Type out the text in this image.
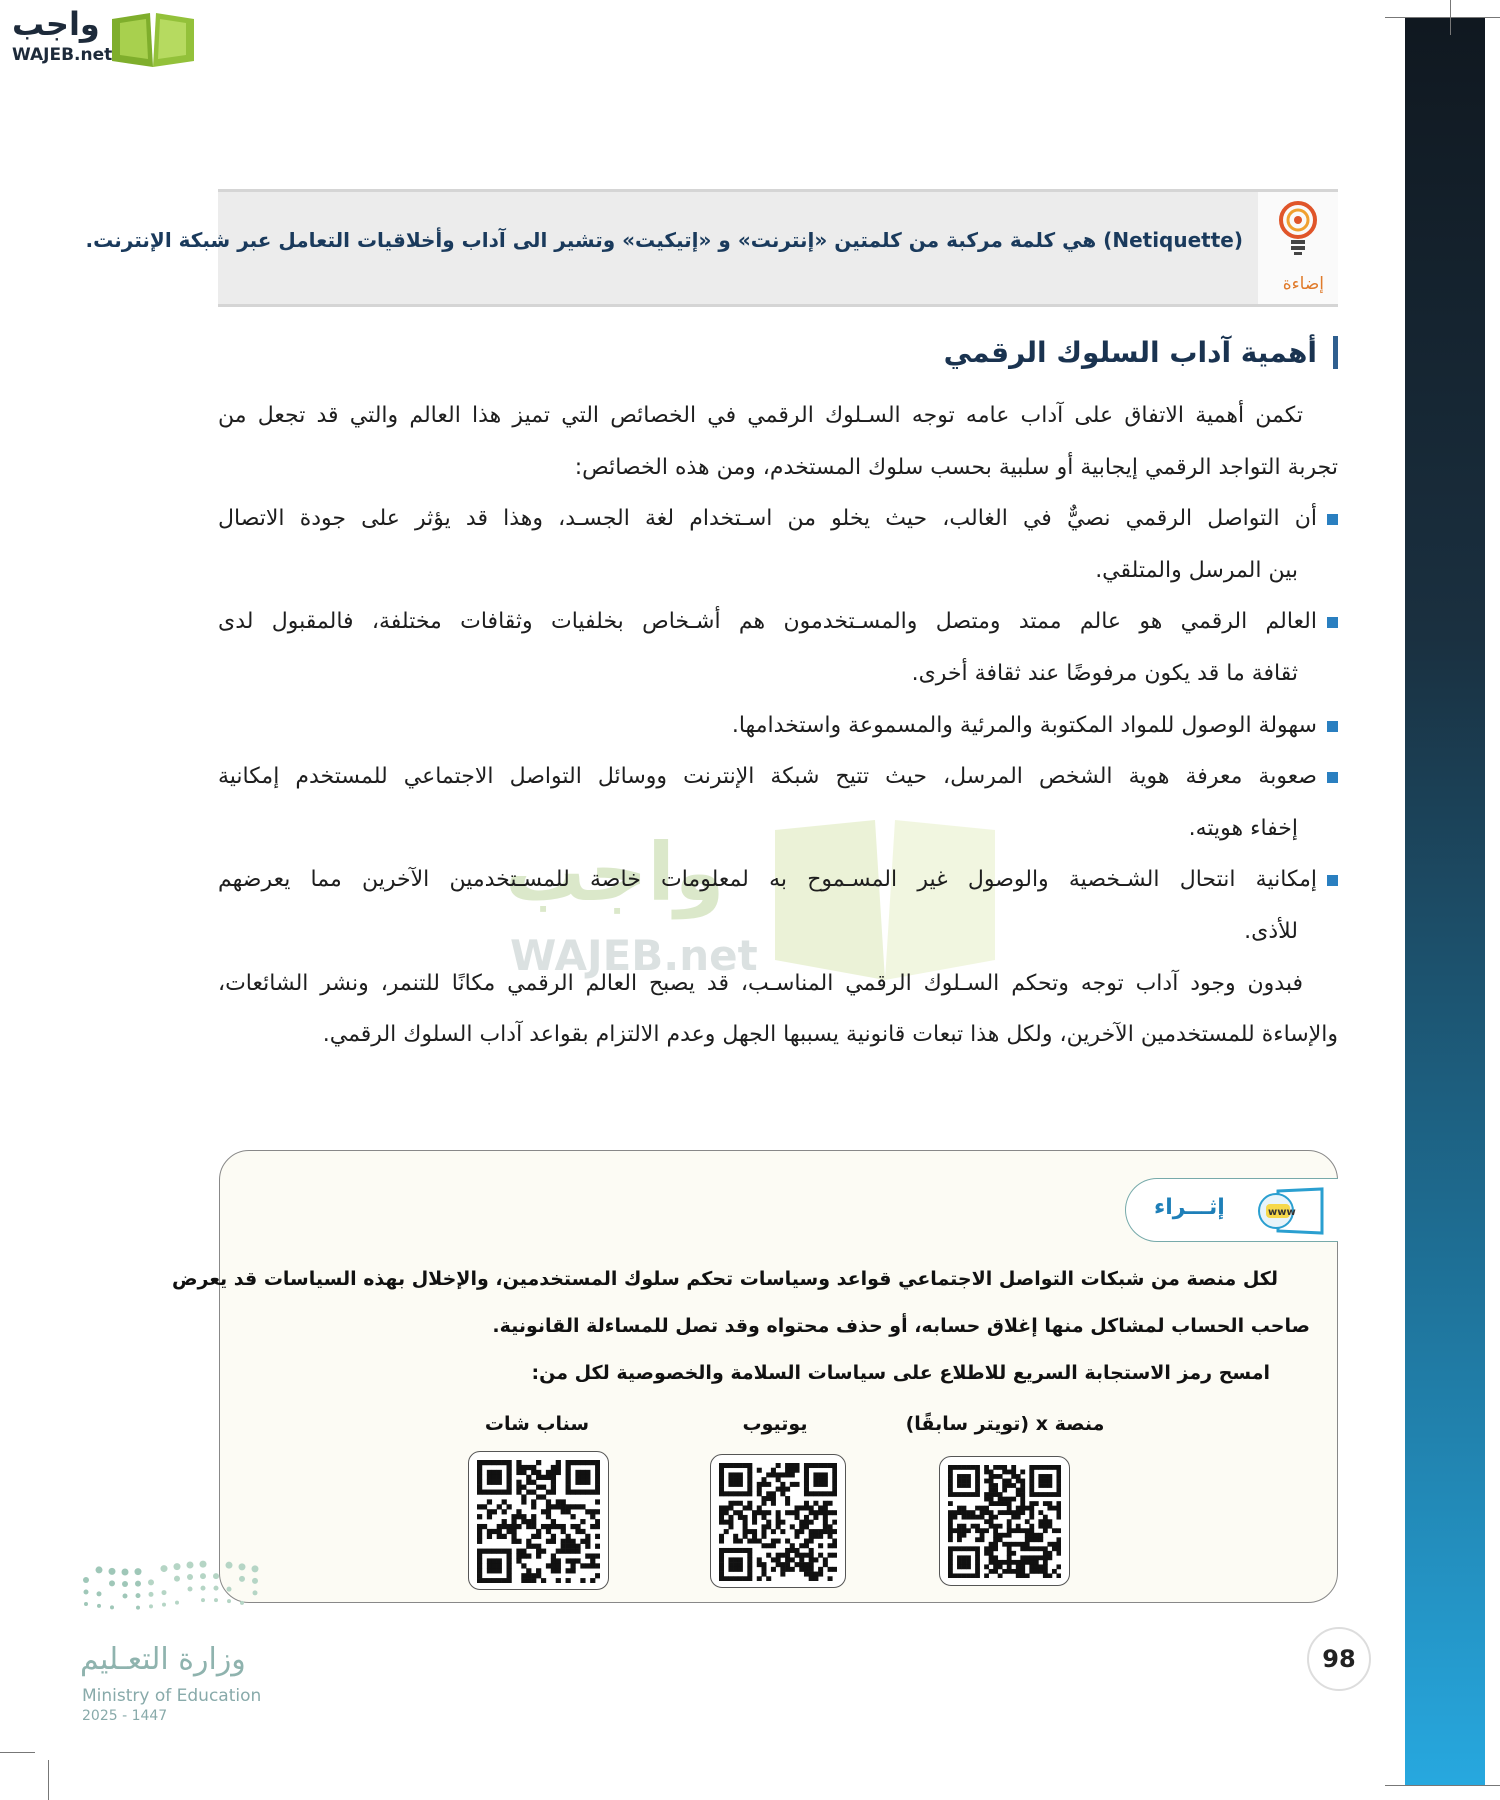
واجب
WAJEB.net
إضاءة
(Netiquette) هي كلمة مركبة من كلمتين «إنترنت» و «إتيكيت» وتشير الى آداب وأخلاقيات التعامل عبر شبكة الإنترنت.
أهمية آداب السلوك الرقمي
واجب
WAJEB.net
تكمن أهمية الاتفاق على آداب عامه توجه السـلوك الرقمي في الخصائص التي تميز هذا العالم والتي قد تجعل من
تجربة التواجد الرقمي إيجابية أو سلبية بحسب سلوك المستخدم، ومن هذه الخصائص:
أن التواصل الرقمي نصيٌّ في الغالب، حيث يخلو من اسـتخدام لغة الجسـد، وهذا قد يؤثر على جودة الاتصال
بين المرسل والمتلقي.
العالم الرقمي هو عالم ممتد ومتصل والمسـتخدمون هم أشـخاص بخلفيات وثقافات مختلفة، فالمقبول لدى
ثقافة ما قد يكون مرفوضًا عند ثقافة أخرى.
سهولة الوصول للمواد المكتوبة والمرئية والمسموعة واستخدامها.
صعوبة معرفة هوية الشخص المرسل، حيث تتيح شبكة الإنترنت ووسائل التواصل الاجتماعي للمستخدم إمكانية
إخفاء هويته.
إمكانية انتحال الشـخصية والوصول غير المسـموح به لمعلومات خاصة للمسـتخدمين الآخرين مما يعرضهم
للأذى.
فبدون وجود آداب توجه وتحكم السـلوك الرقمي المناسـب، قد يصبح العالم الرقمي مكانًا للتنمر، ونشر الشائعات،
والإساءة للمستخدمين الآخرين، ولكل هذا تبعات قانونية يسببها الجهل وعدم الالتزام بقواعد آداب السلوك الرقمي.
إثـــراء	www
لكل منصة من شبكات التواصل الاجتماعي قواعد وسياسات تحكم سلوك المستخدمين، والإخلال بهذه السياسات قد يعرض
صاحب الحساب لمشاكل منها إغلاق حسابه، أو حذف محتواه وقد تصل للمساءلة القانونية.
امسح رمز الاستجابة السريع للاطلاع على سياسات السلامة والخصوصية لكل من:
منصة x (تويتر سابقًا)
يوتيوب
سناب شات
98
وزارة التعـليم
Ministry of Education
2025 - 1447
